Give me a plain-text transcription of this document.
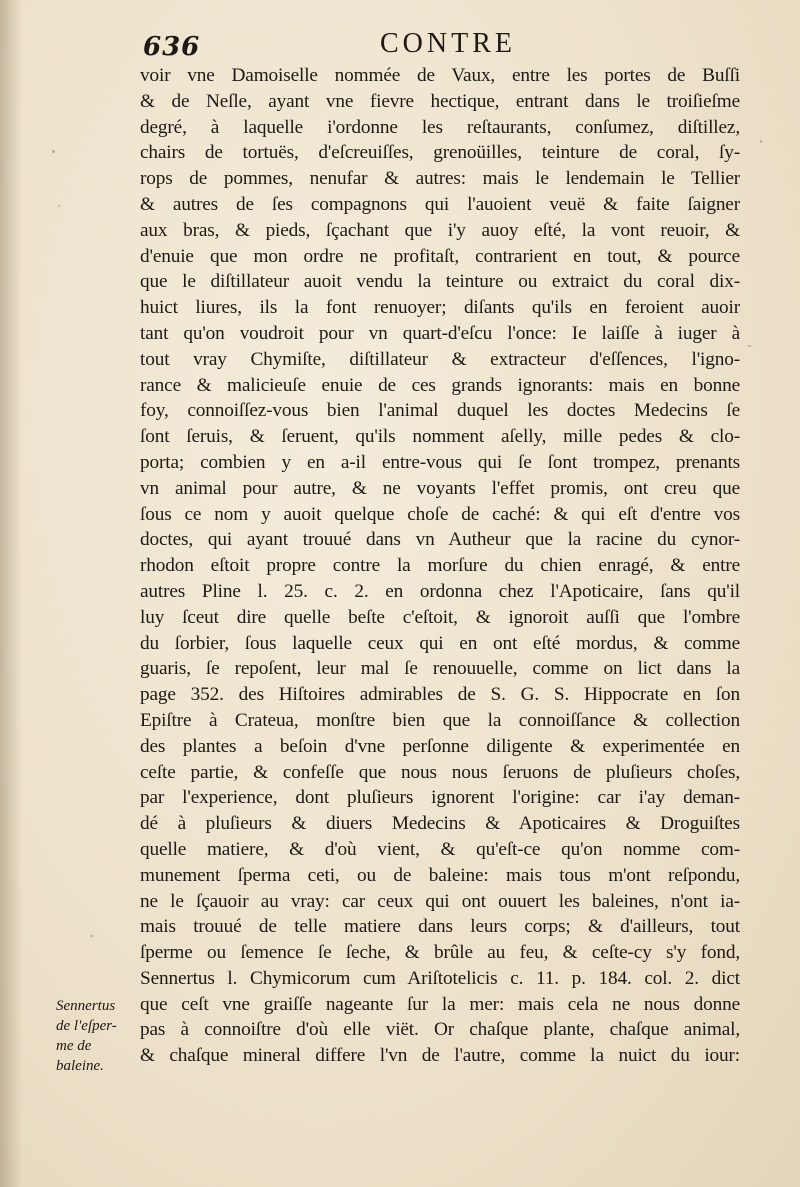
636	CONTRE
voir vne Damoiselle nommée de Vaux, entre les portes de Buſſi
& de Neſle, ayant vne fievre hectique, entrant dans le troiſieſme
degré, à laquelle i'ordonne les reſtaurants, conſumez, diſtillez,
chairs de tortuës, d'eſcreuiſſes, grenoüilles, teinture de coral, ſy-
rops de pommes, nenufar & autres: mais le lendemain le Tellier
& autres de ſes compagnons qui l'auoient veuë & faite ſaigner
aux bras, & pieds, ſçachant que i'y auoy eſté, la vont reuoir, &
d'enuie que mon ordre ne profitaſt, contrarient en tout, & pource
que le diſtillateur auoit vendu la teinture ou extraict du coral dix-
huict liures, ils la font renuoyer; diſants qu'ils en feroient auoir
tant qu'on voudroit pour vn quart-d'eſcu l'once: Ie laiſſe à iuger à
tout vray Chymiſte, diſtillateur & extracteur d'eſſences, l'igno-
rance & malicieuſe enuie de ces grands ignorants: mais en bonne
foy, connoiſſez-vous bien l'animal duquel les doctes Medecins ſe
ſont ſeruis, & ſeruent, qu'ils nomment aſelly, mille pedes & clo-
porta; combien y en a-il entre-vous qui ſe ſont trompez, prenants
vn animal pour autre, & ne voyants l'effet promis, ont creu que
ſous ce nom y auoit quelque choſe de caché: & qui eſt d'entre vos
doctes, qui ayant trouué dans vn Autheur que la racine du cynor-
rhodon eſtoit propre contre la morſure du chien enragé, & entre
autres Pline l. 25. c. 2. en ordonna chez l'Apoticaire, ſans qu'il
luy ſceut dire quelle beſte c'eſtoit, & ignoroit auſſi que l'ombre
du ſorbier, ſous laquelle ceux qui en ont eſté mordus, & comme
guaris, ſe repoſent, leur mal ſe renouuelle, comme on lict dans la
page 352. des Hiſtoires admirables de S. G. S. Hippocrate en ſon
Epiſtre à Crateua, monſtre bien que la connoiſſance & collection
des plantes a beſoin d'vne perſonne diligente & experimentée en
ceſte partie, & confeſſe que nous nous ſeruons de pluſieurs choſes,
par l'experience, dont pluſieurs ignorent l'origine: car i'ay deman-
dé à pluſieurs & diuers Medecins & Apoticaires & Droguiſtes
quelle matiere, & d'où vient, & qu'eſt-ce qu'on nomme com-
munement ſperma ceti, ou de baleine: mais tous m'ont reſpondu,
ne le ſçauoir au vray: car ceux qui ont ouuert les baleines, n'ont ia-
mais trouué de telle matiere dans leurs corps; & d'ailleurs, tout
ſperme ou ſemence ſe ſeche, & brûle au feu, & ceſte-cy s'y fond,
Sennertus l. Chymicorum cum Ariſtotelicis c. 11. p. 184. col. 2. dict
que ceſt vne graiſſe nageante ſur la mer: mais cela ne nous donne
pas à connoiſtre d'où elle viët. Or chaſque plante, chaſque animal,
& chaſque mineral differe l'vn de l'autre, comme la nuict du iour:
Sennertus
de l'eſper-
me de
baleine.
